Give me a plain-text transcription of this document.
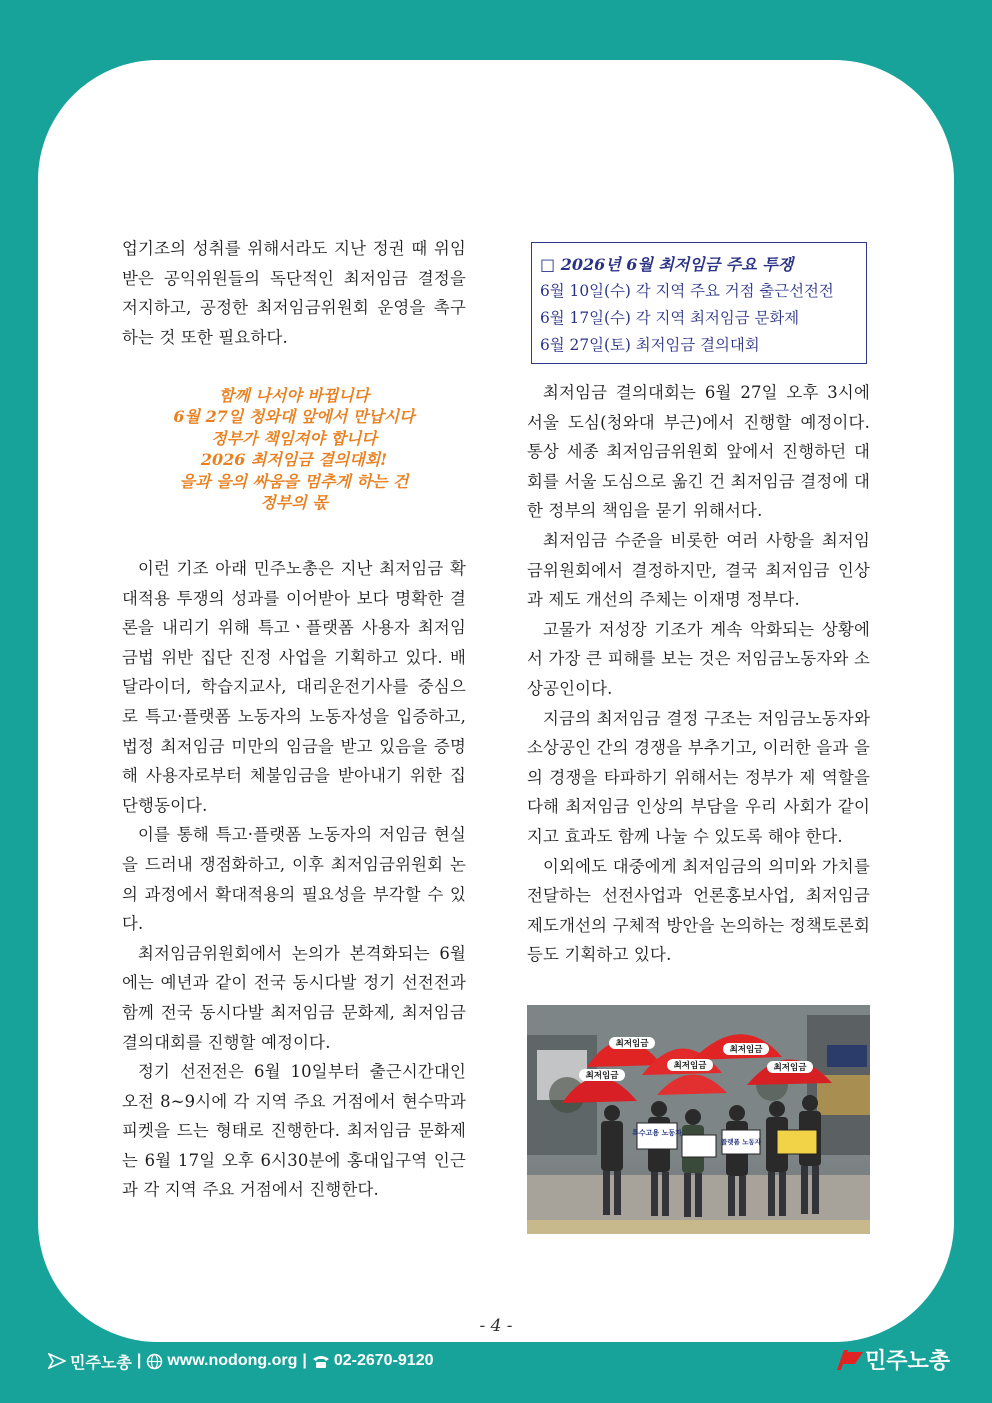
업기조의 성취를 위해서라도 지난 정권 때 위임받은 공익위원들의 독단적인 최저임금 결정을 저지하고, 공정한 최저임금위원회 운영을 촉구하는 것 또한 필요하다.

함께 나서야 바뀝니다
6월 27일 청와대 앞에서 만납시다
정부가 책임져야 합니다
2026 최저임금 결의대회!
을과 을의 싸움을 멈추게 하는 건
정부의 몫

이런 기조 아래 민주노총은 지난 최저임금 확대적용 투쟁의 성과를 이어받아 보다 명확한 결론을 내리기 위해 특고ㆍ플랫폼 사용자 최저임금법 위반 집단 진정 사업을 기획하고 있다. 배달라이더, 학습지교사, 대리운전기사를 중심으로 특고·플랫폼 노동자의 노동자성을 입증하고, 법정 최저임금 미만의 임금을 받고 있음을 증명해 사용자로부터 체불임금을 받아내기 위한 집단행동이다.

이를 통해 특고·플랫폼 노동자의 저임금 현실을 드러내 쟁점화하고, 이후 최저임금위원회 논의 과정에서 확대적용의 필요성을 부각할 수 있다.

최저임금위원회에서 논의가 본격화되는 6월에는 예년과 같이 전국 동시다발 정기 선전전과 함께 전국 동시다발 최저임금 문화제, 최저임금 결의대회를 진행할 예정이다.

정기 선전전은 6월 10일부터 출근시간대인 오전 8~9시에 각 지역 주요 거점에서 현수막과 피켓을 드는 형태로 진행한다. 최저임금 문화제는 6월 17일 오후 6시30분에 홍대입구역 인근과 각 지역 주요 거점에서 진행한다.

□ 2026년 6월 최저임금 주요 투쟁
6월 10일(수) 각 지역 주요 거점 출근선전전
6월 17일(수) 각 지역 최저임금 문화제
6월 27일(토) 최저임금 결의대회

최저임금 결의대회는 6월 27일 오후 3시에 서울 도심(청와대 부근)에서 진행할 예정이다. 통상 세종 최저임금위원회 앞에서 진행하던 대회를 서울 도심으로 옮긴 건 최저임금 결정에 대한 정부의 책임을 묻기 위해서다.

최저임금 수준을 비롯한 여러 사항을 최저임금위원회에서 결정하지만, 결국 최저임금 인상과 제도 개선의 주체는 이재명 정부다.

고물가 저성장 기조가 계속 악화되는 상황에서 가장 큰 피해를 보는 것은 저임금노동자와 소상공인이다.

지금의 최저임금 결정 구조는 저임금노동자와 소상공인 간의 경쟁을 부추기고, 이러한 을과 을의 경쟁을 타파하기 위해서는 정부가 제 역할을 다해 최저임금 인상의 부담을 우리 사회가 같이 지고 효과도 함께 나눌 수 있도록 해야 한다.

이외에도 대중에게 최저임금의 의미와 가치를 전달하는 선전사업과 언론홍보사업, 최저임금 제도개선의 구체적 방안을 논의하는 정책토론회 등도 기획하고 있다.

최저임금
최저임금
최저임금
최저임금
최저임금
특수고용 노동자
플랫폼 노동자
- 4 -
민주노총 | www.nodong.org | 02-2670-9120	민주노총
